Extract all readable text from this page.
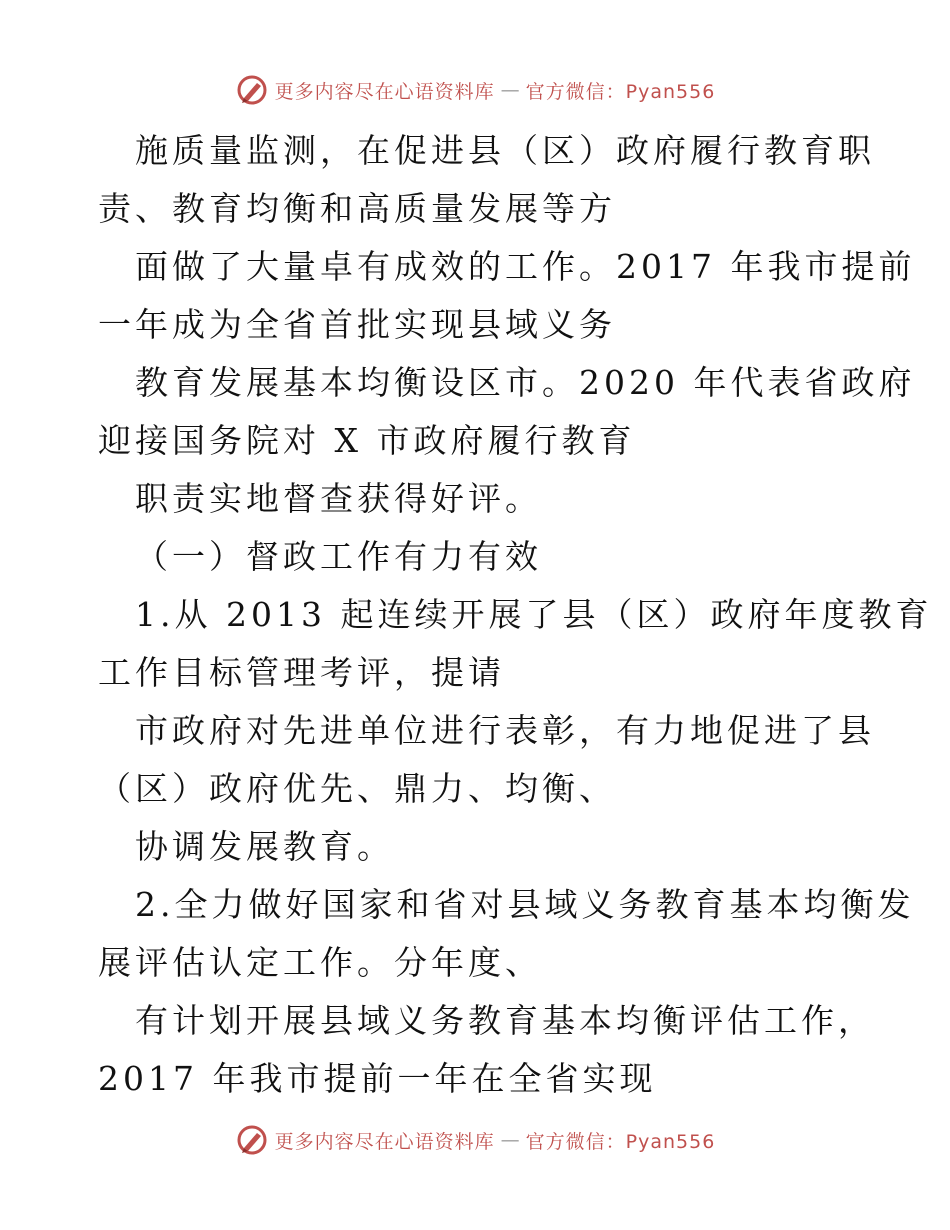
更多内容尽在心语资料库 — 官方微信：Pyan556
施质量监测，在促进县（区）政府履行教育职
责、教育均衡和高质量发展等方
面做了大量卓有成效的工作。2017 年我市提前
一年成为全省首批实现县域义务
教育发展基本均衡设区市。2020 年代表省政府
迎接国务院对 X 市政府履行教育
职责实地督查获得好评。
（一）督政工作有力有效
1.从 2013 起连续开展了县（区）政府年度教育
工作目标管理考评，提请
市政府对先进单位进行表彰，有力地促进了县
（区）政府优先、鼎力、均衡、
协调发展教育。
2.全力做好国家和省对县域义务教育基本均衡发
展评估认定工作。分年度、
有计划开展县域义务教育基本均衡评估工作，
2017 年我市提前一年在全省实现
更多内容尽在心语资料库 — 官方微信：Pyan556
